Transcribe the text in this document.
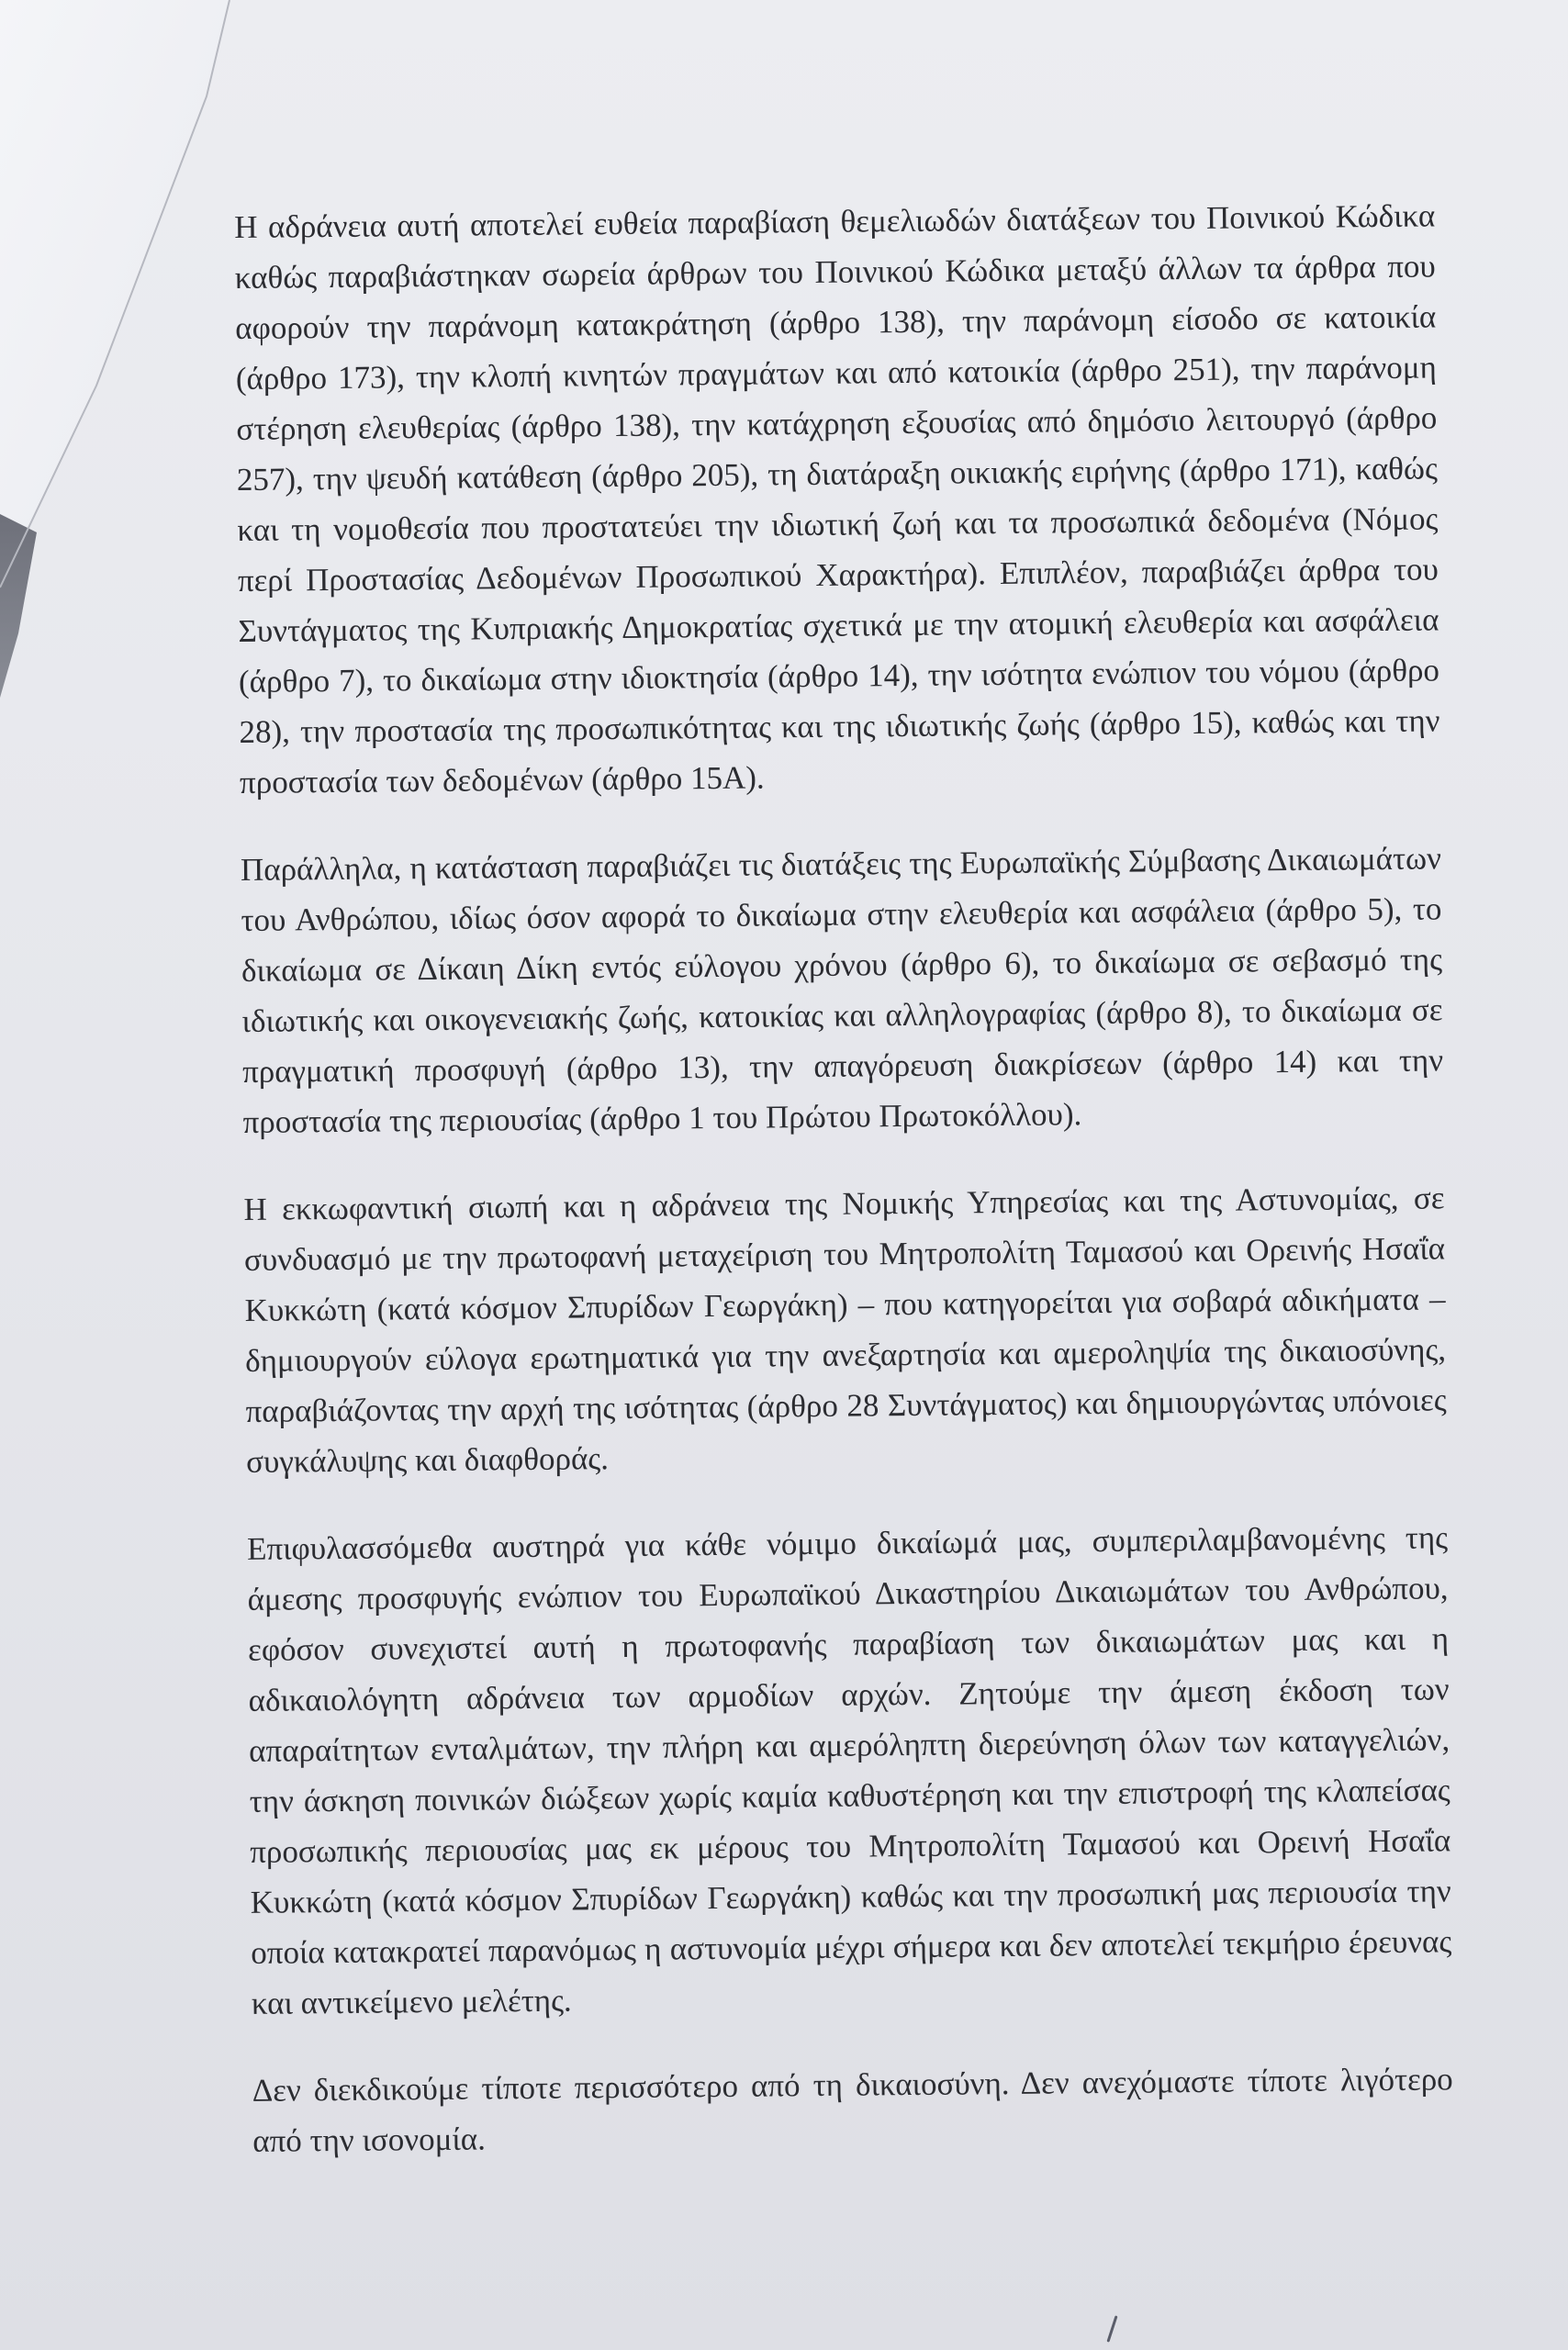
Η αδράνεια αυτή αποτελεί ευθεία παραβίαση θεμελιωδών διατάξεων του Ποινικού Κώδικα καθώς παραβιάστηκαν σωρεία άρθρων του Ποινικού Κώδικα μεταξύ άλλων τα άρθρα που αφορούν την παράνομη κατακράτηση (άρθρο 138), την παράνομη είσοδο σε κατοικία (άρθρο 173), την κλοπή κινητών πραγμάτων και από κατοικία (άρθρο 251), την παράνομη στέρηση ελευθερίας (άρθρο 138), την κατάχρηση εξουσίας από δημόσιο λειτουργό (άρθρο 257), την ψευδή κατάθεση (άρθρο 205), τη διατάραξη οικιακής ειρήνης (άρθρο 171), καθώς και τη νομοθεσία που προστατεύει την ιδιωτική ζωή και τα προσωπικά δεδομένα (Νόμος περί Προστασίας Δεδομένων Προσωπικού Χαρακτήρα). Επιπλέον, παραβιάζει άρθρα του Συντάγματος της Κυπριακής Δημοκρατίας σχετικά με την ατομική ελευθερία και ασφάλεια (άρθρο 7), το δικαίωμα στην ιδιοκτησία (άρθρο 14), την ισότητα ενώπιον του νόμου (άρθρο 28), την προστασία της προσωπικότητας και της ιδιωτικής ζωής (άρθρο 15), καθώς και την προστασία των δεδομένων (άρθρο 15Α).

Παράλληλα, η κατάσταση παραβιάζει τις διατάξεις της Ευρωπαϊκής Σύμβασης Δικαιωμάτων του Ανθρώπου, ιδίως όσον αφορά το δικαίωμα στην ελευθερία και ασφάλεια (άρθρο 5), το δικαίωμα σε Δίκαιη Δίκη εντός εύλογου χρόνου (άρθρο 6), το δικαίωμα σε σεβασμό της ιδιωτικής και οικογενειακής ζωής, κατοικίας και αλληλογραφίας (άρθρο 8), το δικαίωμα σε πραγματική προσφυγή (άρθρο 13), την απαγόρευση διακρίσεων (άρθρο 14) και την προστασία της περιουσίας (άρθρο 1 του Πρώτου Πρωτοκόλλου).

Η εκκωφαντική σιωπή και η αδράνεια της Νομικής Υπηρεσίας και της Αστυνομίας, σε συνδυασμό με την πρωτοφανή μεταχείριση του Μητροπολίτη Ταμασού και Ορεινής Ησαΐα Κυκκώτη (κατά κόσμον Σπυρίδων Γεωργάκη) – που κατηγορείται για σοβαρά αδικήματα – δημιουργούν εύλογα ερωτηματικά για την ανεξαρτησία και αμεροληψία της δικαιοσύνης, παραβιάζοντας την αρχή της ισότητας (άρθρο 28 Συντάγματος) και δημιουργώντας υπόνοιες συγκάλυψης και διαφθοράς.

Επιφυλασσόμεθα αυστηρά για κάθε νόμιμο δικαίωμά μας, συμπεριλαμβανομένης της άμεσης προσφυγής ενώπιον του Ευρωπαϊκού Δικαστηρίου Δικαιωμάτων του Ανθρώπου, εφόσον συνεχιστεί αυτή η πρωτοφανής παραβίαση των δικαιωμάτων μας και η αδικαιολόγητη αδράνεια των αρμοδίων αρχών. Ζητούμε την άμεση έκδοση των απαραίτητων ενταλμάτων, την πλήρη και αμερόληπτη διερεύνηση όλων των καταγγελιών, την άσκηση ποινικών διώξεων χωρίς καμία καθυστέρηση και την επιστροφή της κλαπείσας προσωπικής περιουσίας μας εκ μέρους του Μητροπολίτη Ταμασού και Ορεινή Ησαΐα Κυκκώτη (κατά κόσμον Σπυρίδων Γεωργάκη) καθώς και την προσωπική μας περιουσία την οποία κατακρατεί παρανόμως η αστυνομία μέχρι σήμερα και δεν αποτελεί τεκμήριο έρευνας και αντικείμενο μελέτης.

Δεν διεκδικούμε τίποτε περισσότερο από τη δικαιοσύνη. Δεν ανεχόμαστε τίποτε λιγότερο από την ισονομία.
